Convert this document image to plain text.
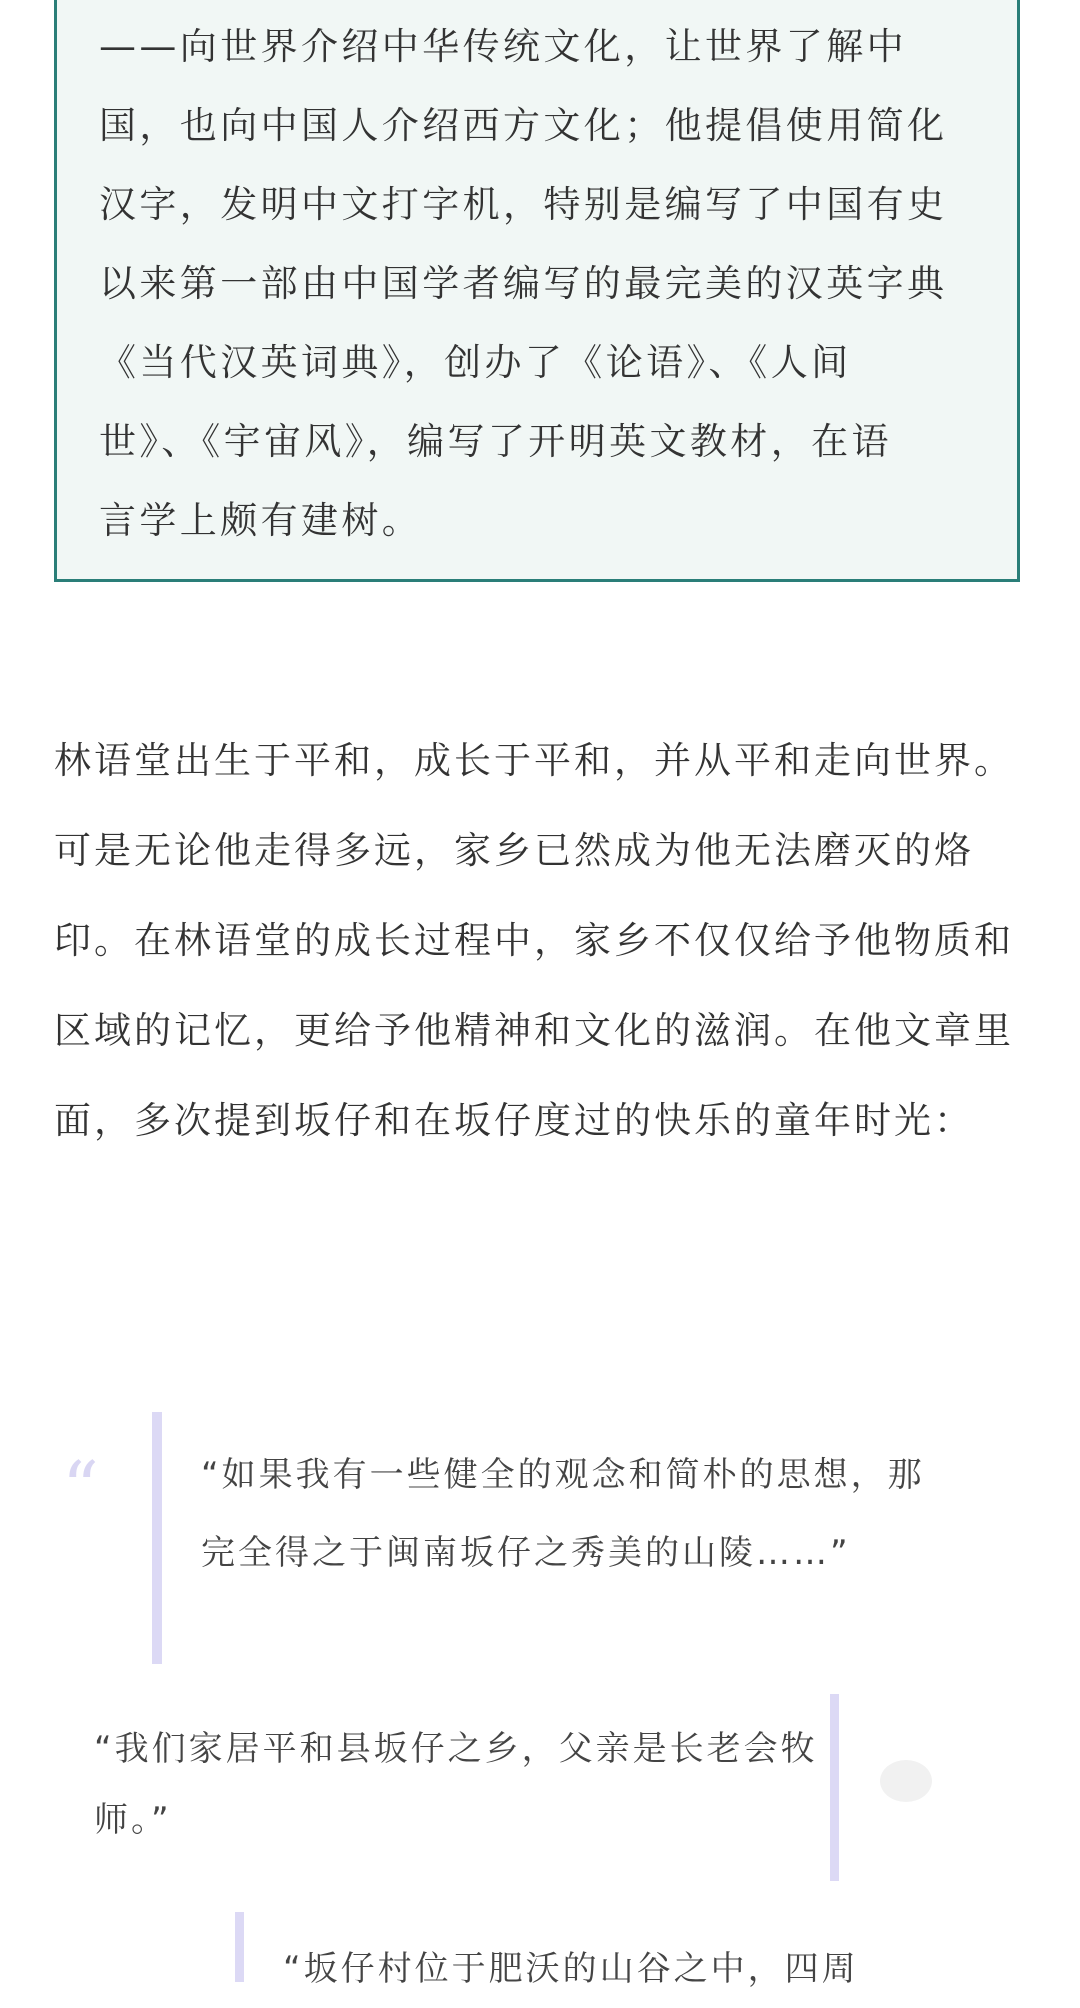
——向世界介绍中华传统文化，让世界了解中

国，也向中国人介绍西方文化；他提倡使用简化

汉字，发明中文打字机，特别是编写了中国有史

以来第一部由中国学者编写的最完美的汉英字典

《当代汉英词典》，创办了《论语》、《人间

世》、《宇宙风》，编写了开明英文教材，在语

言学上颇有建树。

林语堂出生于平和，成长于平和，并从平和走向世界。可是无论他走得多远，家乡已然成为他无法磨灭的烙印。在林语堂的成长过程中，家乡不仅仅给予他物质和区域的记忆，更给予他精神和文化的滋润。在他文章里面，多次提到坂仔和在坂仔度过的快乐的童年时光：

“	“如果我有一些健全的观念和简朴的思想，那完全得之于闽南坂仔之秀美的山陵……”

“我们家居平和县坂仔之乡，父亲是长老会牧师。”

“坂仔村位于肥沃的山谷之中，四周
